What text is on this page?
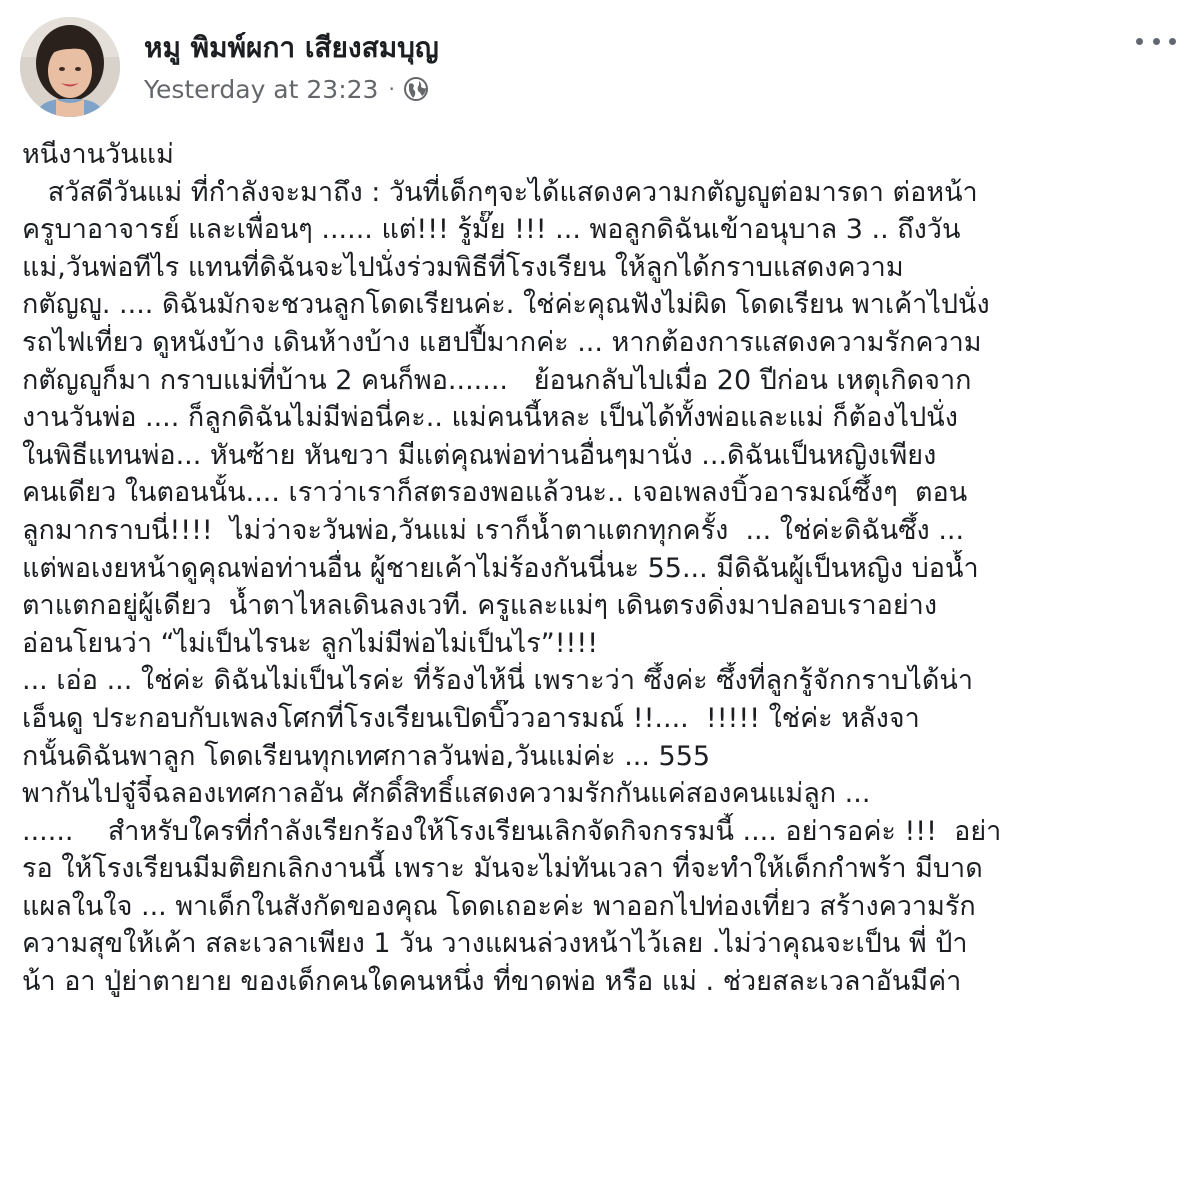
หมู พิมพ์ผกา เสียงสมบุญ
Yesterday at 23:23 ·
หนีงานวันแม่
สวัสดีวันแม่ ที่กำลังจะมาถึง : วันที่เด็กๆจะได้แสดงความกตัญญูต่อมารดา ต่อหน้า
ครูบาอาจารย์ และเพื่อนๆ ...... แต่!!! รู้มั๊ย !!! ... พอลูกดิฉันเข้าอนุบาล 3 .. ถึงวัน
แม่,วันพ่อทีไร แทนที่ดิฉันจะไปนั่งร่วมพิธีที่โรงเรียน ให้ลูกได้กราบแสดงความ
กตัญญู. .... ดิฉันมักจะชวนลูกโดดเรียนค่ะ. ใช่ค่ะคุณฟังไม่ผิด โดดเรียน พาเค้าไปนั่ง
รถไฟเที่ยว ดูหนังบ้าง เดินห้างบ้าง แฮปปี้มากค่ะ ... หากต้องการแสดงความรักความ
กตัญญูก็มา กราบแม่ที่บ้าน 2 คนก็พอ.......   ย้อนกลับไปเมื่อ 20 ปีก่อน เหตุเกิดจาก
งานวันพ่อ .... ก็ลูกดิฉันไม่มีพ่อนี่คะ.. แม่คนนี้หละ เป็นได้ทั้งพ่อและแม่ ก็ต้องไปนั่ง
ในพิธีแทนพ่อ... หันซ้าย หันขวา มีแต่คุณพ่อท่านอื่นๆมานั่ง ...ดิฉันเป็นหญิงเพียง
คนเดียว ในตอนนั้น.... เราว่าเราก็สตรองพอแล้วนะ.. เจอเพลงบิ้วอารมณ์ซึ้งๆ  ตอน
ลูกมากราบนี่!!!!  ไม่ว่าจะวันพ่อ,วันแม่ เราก็น้ำตาแตกทุกครั้ง  ... ใช่ค่ะดิฉันซึ้ง ...
แต่พอเงยหน้าดูคุณพ่อท่านอื่น ผู้ชายเค้าไม่ร้องกันนี่นะ 55... มีดิฉันผู้เป็นหญิง บ่อน้ำ
ตาแตกอยู่ผู้เดียว  น้ำตาไหลเดินลงเวที. ครูและแม่ๆ เดินตรงดิ่งมาปลอบเราอย่าง
อ่อนโยนว่า “ไม่เป็นไรนะ ลูกไม่มีพ่อไม่เป็นไร”!!!!
... เอ่อ ... ใช่ค่ะ ดิฉันไม่เป็นไรค่ะ ที่ร้องไห้นี่ เพราะว่า ซึ้งค่ะ ซึ้งที่ลูกรู้จักกราบได้น่า
เอ็นดู ประกอบกับเพลงโศกที่โรงเรียนเปิดบิ๊ววอารมณ์ !!....  !!!!! ใช่ค่ะ หลังจา
กนั้นดิฉันพาลูก โดดเรียนทุกเทศกาลวันพ่อ,วันแม่ค่ะ ... 555
พากันไปจู๋จี๋ฉลองเทศกาลอัน ศักดิ์สิทธิ์แสดงความรักกันแค่สองคนแม่ลูก ...
......    สำหรับใครที่กำลังเรียกร้องให้โรงเรียนเลิกจัดกิจกรรมนี้ .... อย่ารอค่ะ !!!  อย่า
รอ ให้โรงเรียนมีมติยกเลิกงานนี้ เพราะ มันจะไม่ทันเวลา ที่จะทำให้เด็กกำพร้า มีบาด
แผลในใจ ... พาเด็กในสังกัดของคุณ โดดเถอะค่ะ พาออกไปท่องเที่ยว สร้างความรัก
ความสุขให้เค้า สละเวลาเพียง 1 วัน วางแผนล่วงหน้าไว้เลย .ไม่ว่าคุณจะเป็น พี่ ป้า
น้า อา ปู่ย่าตายาย ของเด็กคนใดคนหนึ่ง ที่ขาดพ่อ หรือ แม่ . ช่วยสละเวลาอันมีค่า
